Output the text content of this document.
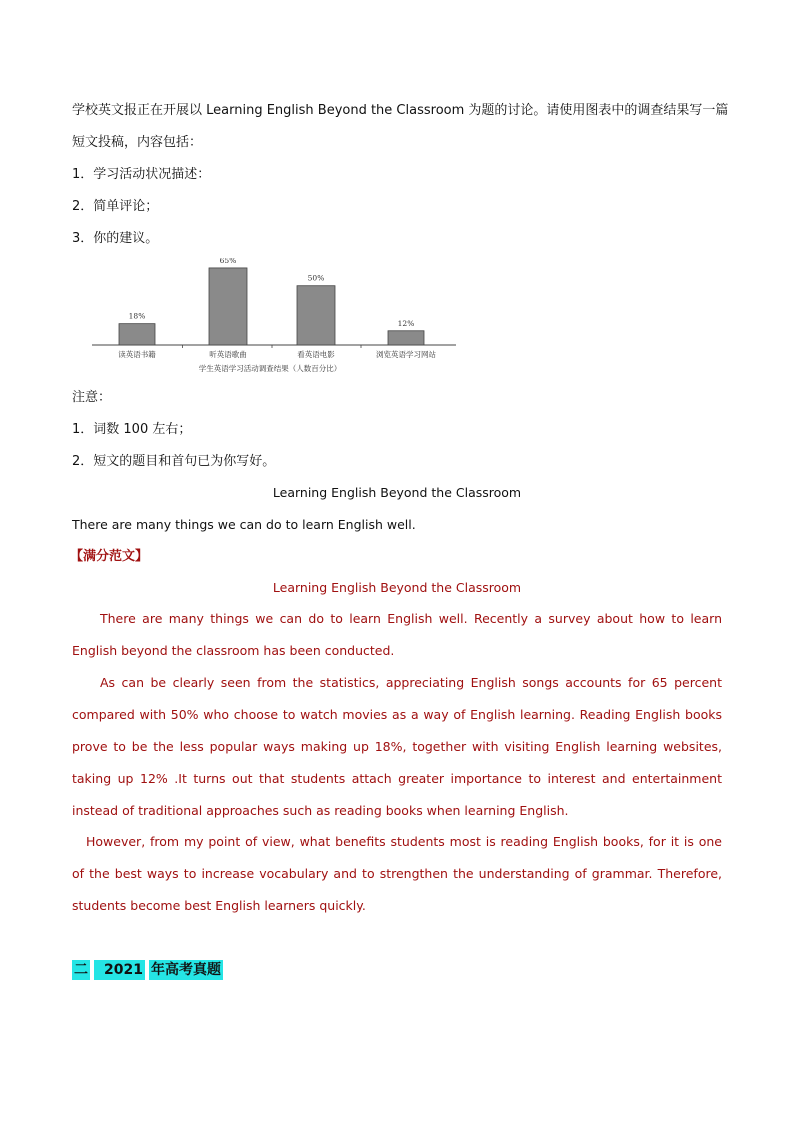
学校英文报正在开展以 Learning English Beyond the Classroom 为题的讨论。请使用图表中的调查结果写一篇
短文投稿，内容包括：
1．学习活动状况描述：
2．简单评论；
3．你的建议。
18%
读英语书籍
65%
听英语歌曲
50%
看英语电影
12%
浏览英语学习网站
学生英语学习活动调查结果（人数百分比）
注意：
1．词数 100 左右；
2．短文的题目和首句已为你写好。
Learning English Beyond the Classroom
There are many things we can do to learn English well.
【满分范文】
Learning English Beyond the Classroom
There are many things we can do to learn English well. Recently a survey about how to learn English beyond the classroom has been conducted.
As can be clearly seen from the statistics, appreciating English songs accounts for 65 percent compared with 50% who choose to watch movies as a way of English learning. Reading English books prove to be the less popular ways making up 18%, together with visiting English learning websites, taking up 12% .It turns out that students attach greater importance to interest and entertainment instead of traditional approaches such as reading books when learning English.
However, from my point of view, what benefits students most is reading English books, for it is one of the best ways to increase vocabulary and to strengthen the understanding of grammar. Therefore, students become best English learners quickly.
二	2021 年高考真题
